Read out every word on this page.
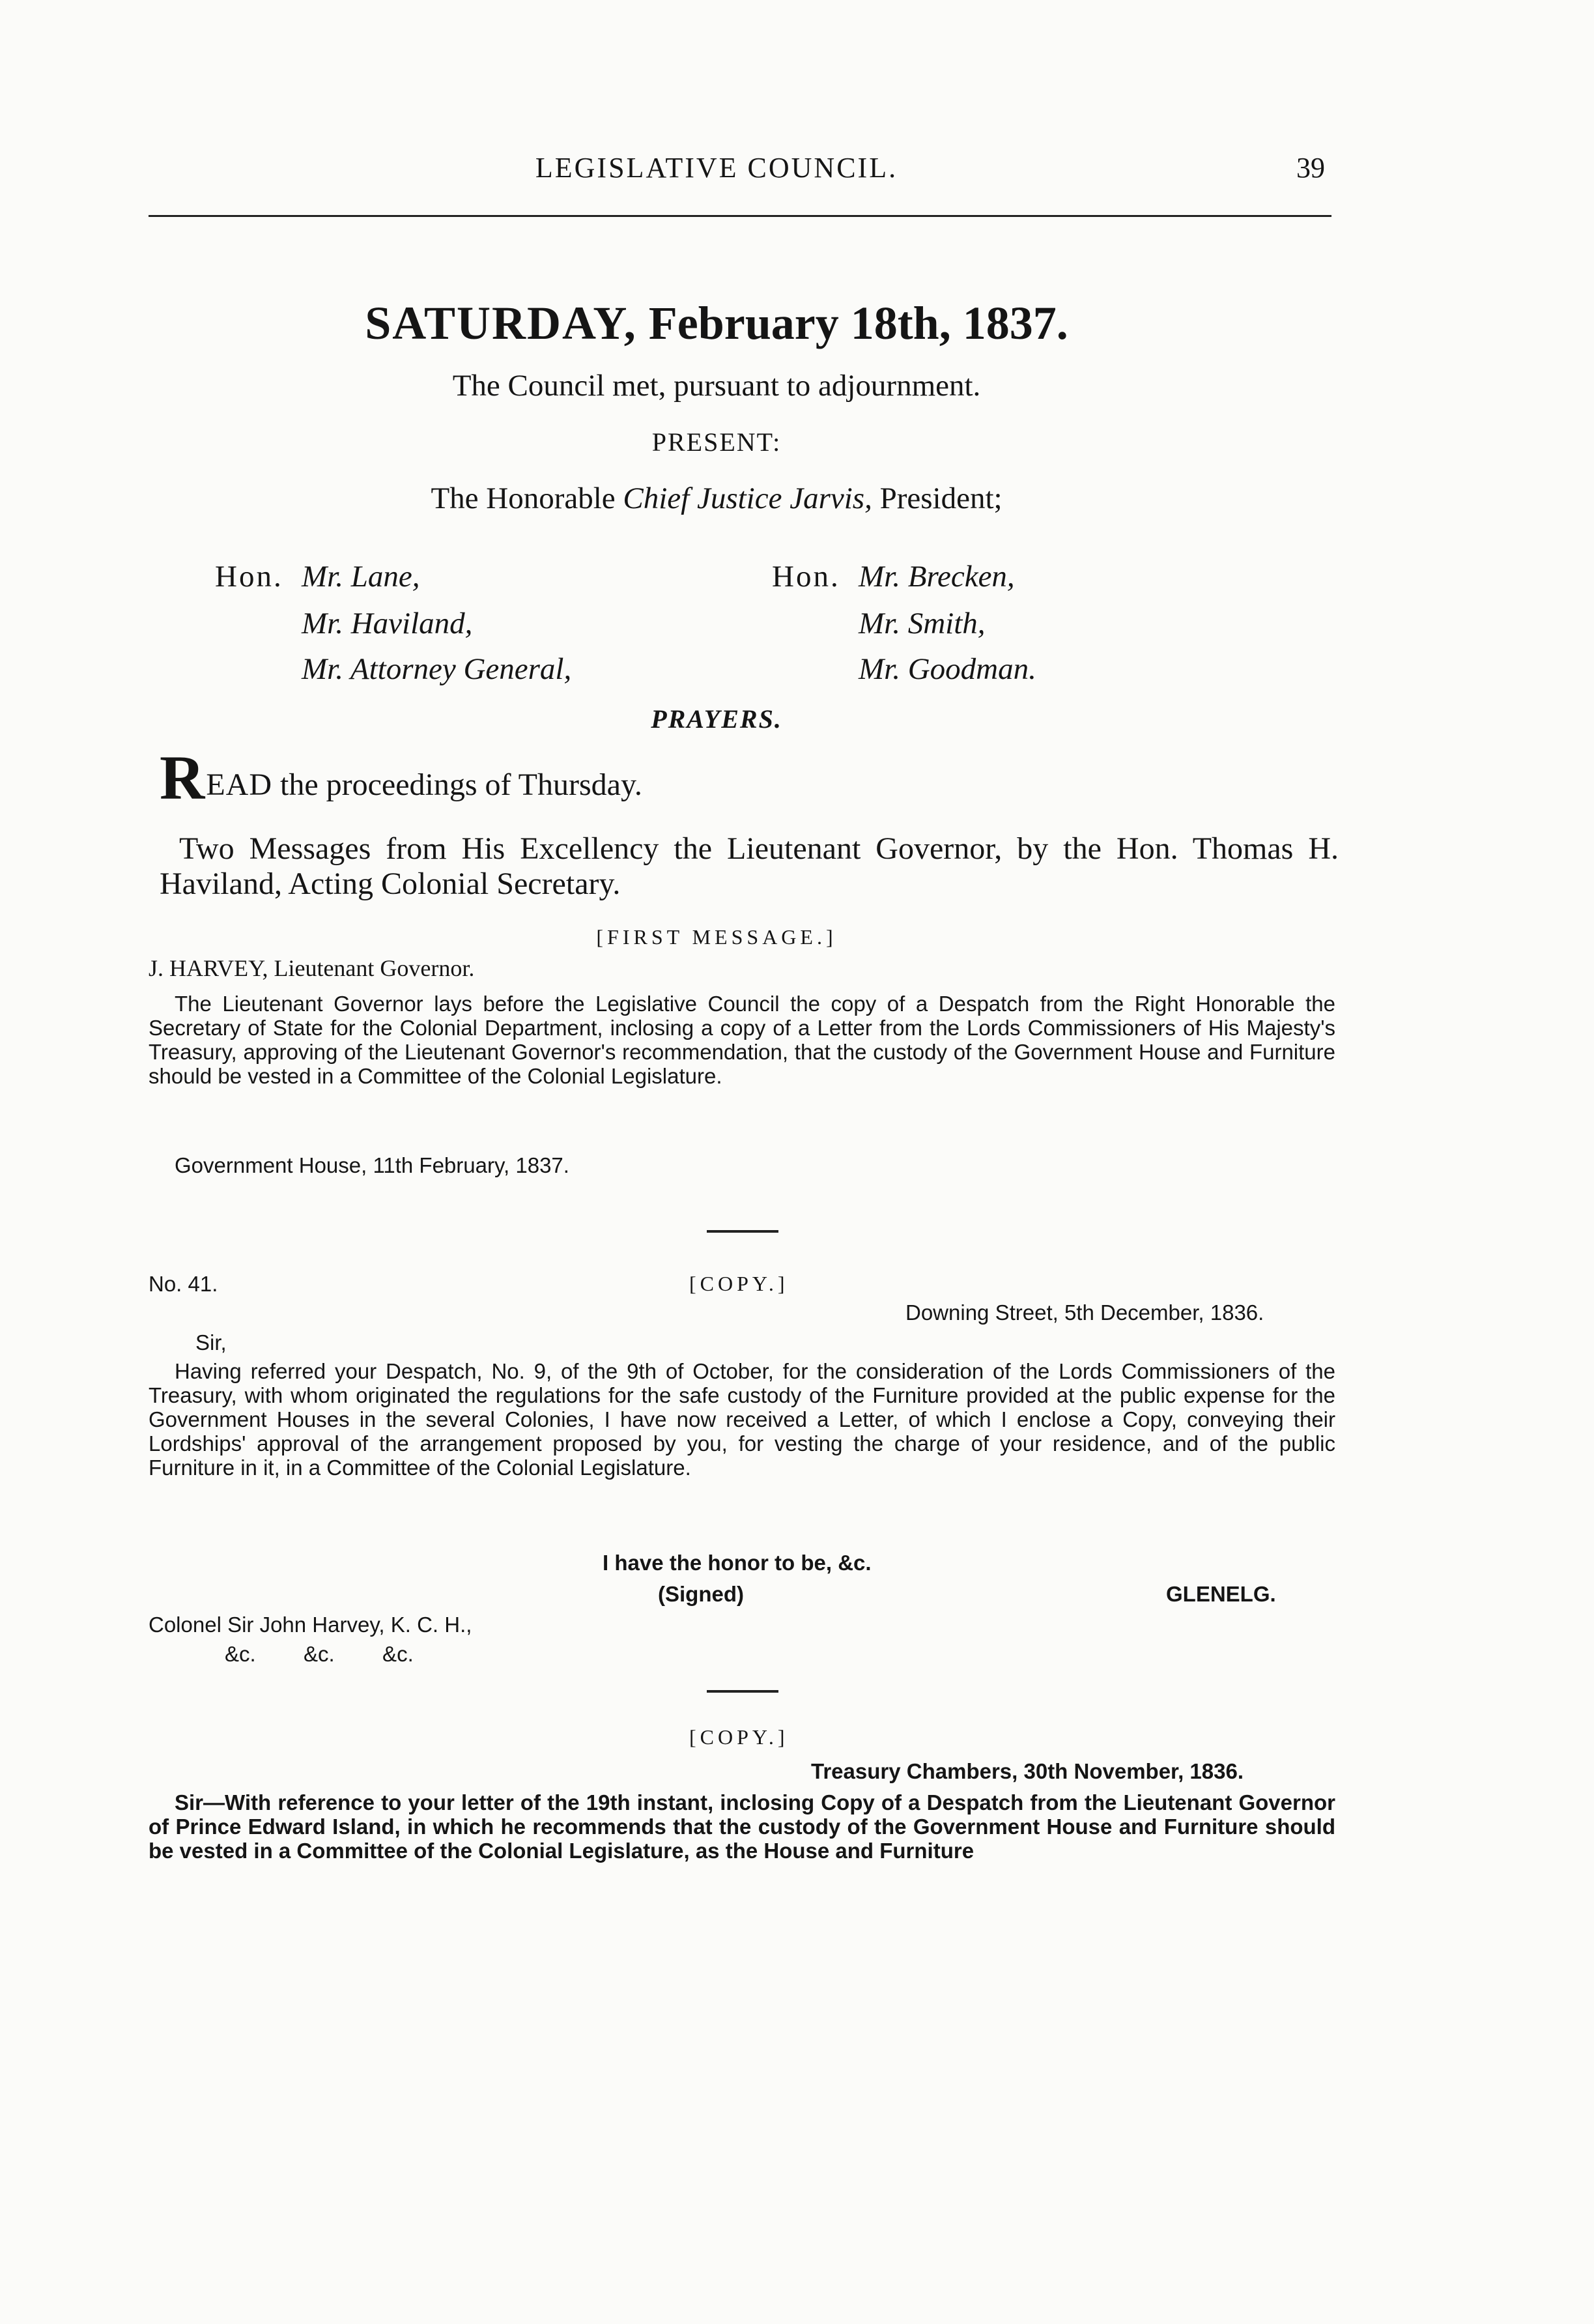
LEGISLATIVE COUNCIL.	39
SATURDAY, February 18th, 1837.
The Council met, pursuant to adjournment.
PRESENT:
The Honorable Chief Justice Jarvis, President;
Hon. Mr. Lane,
Mr. Haviland,
Mr. Attorney General,
Hon. Mr. Brecken,
Mr. Smith,
Mr. Goodman.
PRAYERS.
READ the proceedings of Thursday.
Two Messages from His Excellency the Lieutenant Governor, by the Hon. Thomas H. Haviland, Acting Colonial Secretary.
[FIRST MESSAGE.]
J. HARVEY, Lieutenant Governor.
The Lieutenant Governor lays before the Legislative Council the copy of a Despatch from the Right Honorable the Secretary of State for the Colonial Department, inclosing a copy of a Letter from the Lords Commissioners of His Majesty's Treasury, approving of the Lieutenant Governor's recommendation, that the custody of the Government House and Furniture should be vested in a Committee of the Colonial Legislature.
Government House, 11th February, 1837.
No. 41.	[COPY.]
Downing Street, 5th December, 1836.
Sir,
Having referred your Despatch, No. 9, of the 9th of October, for the consideration of the Lords Commissioners of the Treasury, with whom originated the regulations for the safe custody of the Furniture provided at the public expense for the Government Houses in the several Colonies, I have now received a Letter, of which I enclose a Copy, conveying their Lordships' approval of the arrangement proposed by you, for vesting the charge of your residence, and of the public Furniture in it, in a Committee of the Colonial Legislature.
I have the honor to be, &c.
(Signed)	GLENELG.
Colonel Sir John Harvey, K. C. H.,
&c.        &c.        &c.
[COPY.]
Treasury Chambers, 30th November, 1836.
Sir—With reference to your letter of the 19th instant, inclosing Copy of a Despatch from the Lieutenant Governor of Prince Edward Island, in which he recommends that the custody of the Government House and Furniture should be vested in a Committee of the Colonial Legislature, as the House and Furniture
